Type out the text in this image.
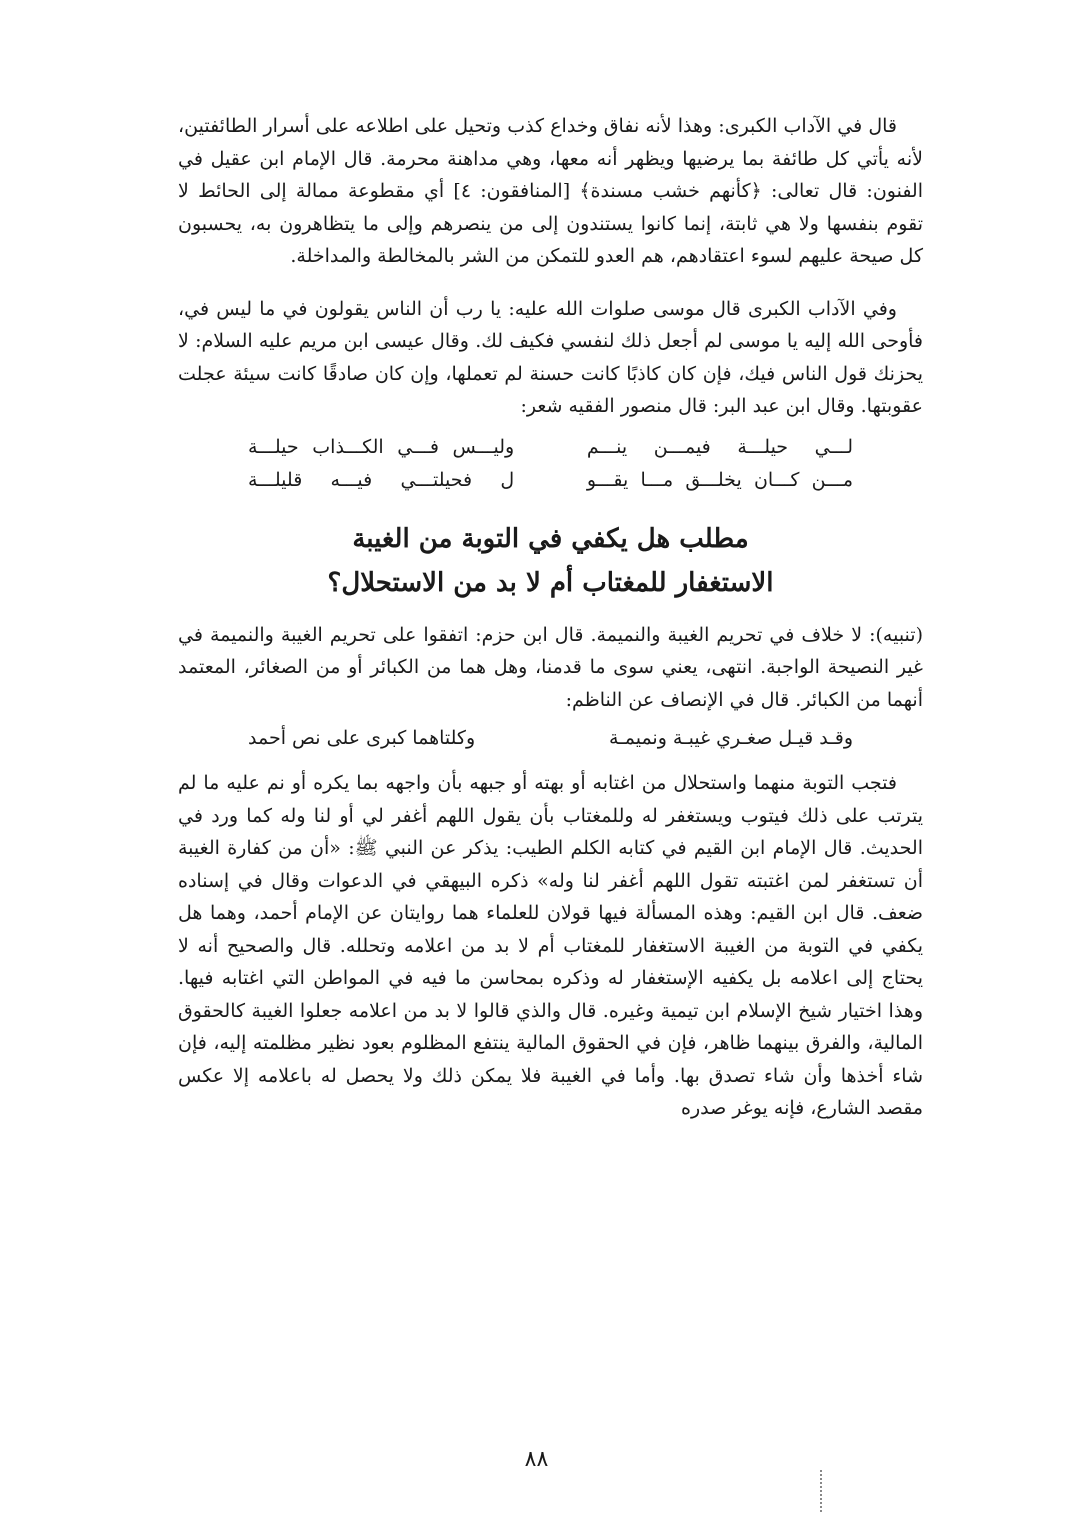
قال في الآداب الكبرى: وهذا لأنه نفاق وخداع كذب وتحيل على اطلاعه على أسرار الطائفتين، لأنه يأتي كل طائفة بما يرضيها ويظهر أنه معها، وهي مداهنة محرمة. قال الإمام ابن عقيل في الفنون: قال تعالى: ﴿كأنهم خشب مسندة﴾ [المنافقون: ٤] أي مقطوعة ممالة إلى الحائط لا تقوم بنفسها ولا هي ثابتة، إنما كانوا يستندون إلى من ينصرهم وإلى ما يتظاهرون به، يحسبون كل صيحة عليهم لسوء اعتقادهم، هم العدو للتمكن من الشر بالمخالطة والمداخلة.

وفي الآداب الكبرى قال موسى صلوات الله عليه: يا رب أن الناس يقولون في ما ليس في، فأوحى الله إليه يا موسى لم أجعل ذلك لنفسي فكيف لك. وقال عيسى ابن مريم عليه السلام: لا يحزنك قول الناس فيك، فإن كان كاذبًا كانت حسنة لم تعملها، وإن كان صادقًا كانت سيئة عجلت عقوبتها. وقال ابن عبد البر: قال منصور الفقيه شعر:

لـــي حيلـــة فيمـــن ينـــم
وليـــس فـــي الكـــذاب حيلـــة
مـــن كـــان يخلـــق مـــا يقـــو
ل فحيلتـــي فيـــه قليلـــة
مطلب هل يكفي في التوبة من الغيبة
الاستغفار للمغتاب أم لا بد من الاستحلال؟

(تنبيه): لا خلاف في تحريم الغيبة والنميمة. قال ابن حزم: اتفقوا على تحريم الغيبة والنميمة في غير النصيحة الواجبة. انتهى، يعني سوى ما قدمنا، وهل هما من الكبائر أو من الصغائر، المعتمد أنهما من الكبائر. قال في الإنصاف عن الناظم:

وقـد قيـل صغـري غيبـة ونميمـة
وكلتاهما كبرى على نص أحمد

فتجب التوبة منهما واستحلال من اغتابه أو بهته أو جبهه بأن واجهه بما يكره أو نم عليه ما لم يترتب على ذلك فيتوب ويستغفر له وللمغتاب بأن يقول اللهم أغفر لي أو لنا وله كما ورد في الحديث. قال الإمام ابن القيم في كتابه الكلم الطيب: يذكر عن النبي ﷺ: «أن من كفارة الغيبة أن تستغفر لمن اغتبته تقول اللهم أغفر لنا وله» ذكره البيهقي في الدعوات وقال في إسناده ضعف. قال ابن القيم: وهذه المسألة فيها قولان للعلماء هما روايتان عن الإمام أحمد، وهما هل يكفي في التوبة من الغيبة الاستغفار للمغتاب أم لا بد من اعلامه وتحلله. قال والصحيح أنه لا يحتاج إلى اعلامه بل يكفيه الإستغفار له وذكره بمحاسن ما فيه في المواطن التي اغتابه فيها. وهذا اختيار شيخ الإسلام ابن تيمية وغيره. قال والذي قالوا لا بد من اعلامه جعلوا الغيبة كالحقوق المالية، والفرق بينهما ظاهر، فإن في الحقوق المالية ينتفع المظلوم بعود نظير مظلمته إليه، فإن شاء أخذها وأن شاء تصدق بها. وأما في الغيبة فلا يمكن ذلك ولا يحصل له باعلامه إلا عكس مقصد الشارع، فإنه يوغر صدره

٨٨
